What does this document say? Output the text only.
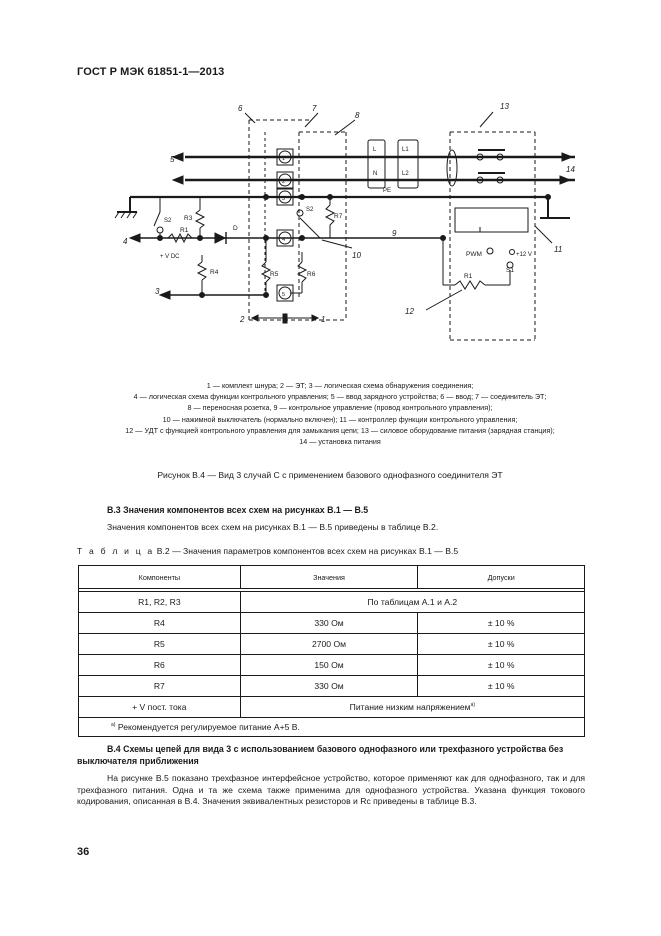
ГОСТ Р МЭК 61851-1—2013
6	7
8
13
5
14
4
3
9
10
11
12
2	1
L
N
L1
L2
PE
S2 R3
R1	D
+ V DC
R4	R5	R6
R7
S2
1
2
3
4
5
PWM	+12 V
S1
R1
1 — комплект шнура; 2 — ЭТ; 3 — логическая схема обнаружения соединения;
4 — логическая схема функции контрольного управления; 5 — ввод зарядного устройства; 6 — ввод; 7 — соединитель ЭТ;
8 — переносная розетка, 9 — контрольное управление (провод контрольного управления);
10 — нажимной выключатель (нормально включен); 11 — контроллер функции контрольного управления;
12 — УДТ с функцией контрольного управления для замыкания цепи; 13 — силовое оборудование питания (зарядная станция);
14 — установка питания
Рисунок В.4 — Вид 3 случай С с применением базового однофазного соединителя ЭТ
В.3 Значения компонентов всех схем на рисунках В.1 — В.5
Значения компонентов всех схем на рисунках В.1 — В.5 приведены в таблице В.2.
Т а б л и ц а В.2 — Значения параметров компонентов всех схем на рисунках В.1 — В.5
Компоненты	Значения	Допуски

R1, R2, R3	По таблицам А.1 и А.2	
R4	330 Ом	± 10 %
R5	2700 Ом	± 10 %
R6	150 Ом	± 10 %
R7	330 Ом	± 10 %
+ V пост. тока	Питание низким напряжением$^{а)}$
$^{а)}$ Рекомендуется регулируемое питание А+5 В.		
В.4 Схемы цепей для вида 3 с использованием базового однофазного или трехфазного устройства без выключателя приближения
На рисунке В.5 показано трехфазное интерфейсное устройство, которое применяют как для однофазного, так и для трехфазного питания. Одна и та же схема также применима для однофазного устройства. Указана функция токового кодирования, описанная в В.4. Значения эквивалентных резисторов и Rc приведены в таблице В.3.
36
